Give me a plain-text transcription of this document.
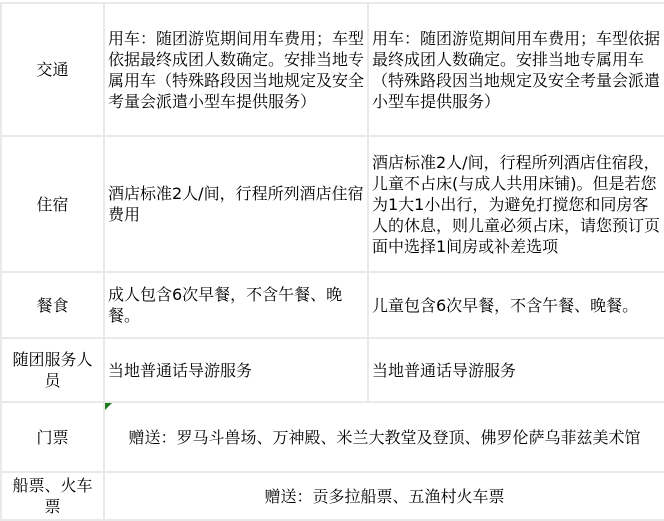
交通	用车：随团游览期间用车费用；车型依据最终成团人数确定。安排当地专属用车（特殊路段因当地规定及安全考量会派遣小型车提供服务）	用车：随团游览期间用车费用；车型依据最终成团人数确定。安排当地专属用车（特殊路段因当地规定及安全考量会派遣小型车提供服务）
住宿	酒店标准2人/间，行程所列酒店住宿费用	酒店标准2人/间，行程所列酒店住宿段，儿童不占床(与成人共用床铺)。但是若您为1大1小出行，为避免打搅您和同房客人的休息，则儿童必须占床，请您预订页面中选择1间房或补差选项
餐食	成人包含6次早餐，不含午餐、晚餐。	儿童包含6次早餐，不含午餐、晚餐。
随团服务人员	当地普通话导游服务	当地普通话导游服务
门票	赠送：罗马斗兽场、万神殿、米兰大教堂及登顶、佛罗伦萨乌菲兹美术馆	
船票、火车票	赠送：贡多拉船票、五渔村火车票	
